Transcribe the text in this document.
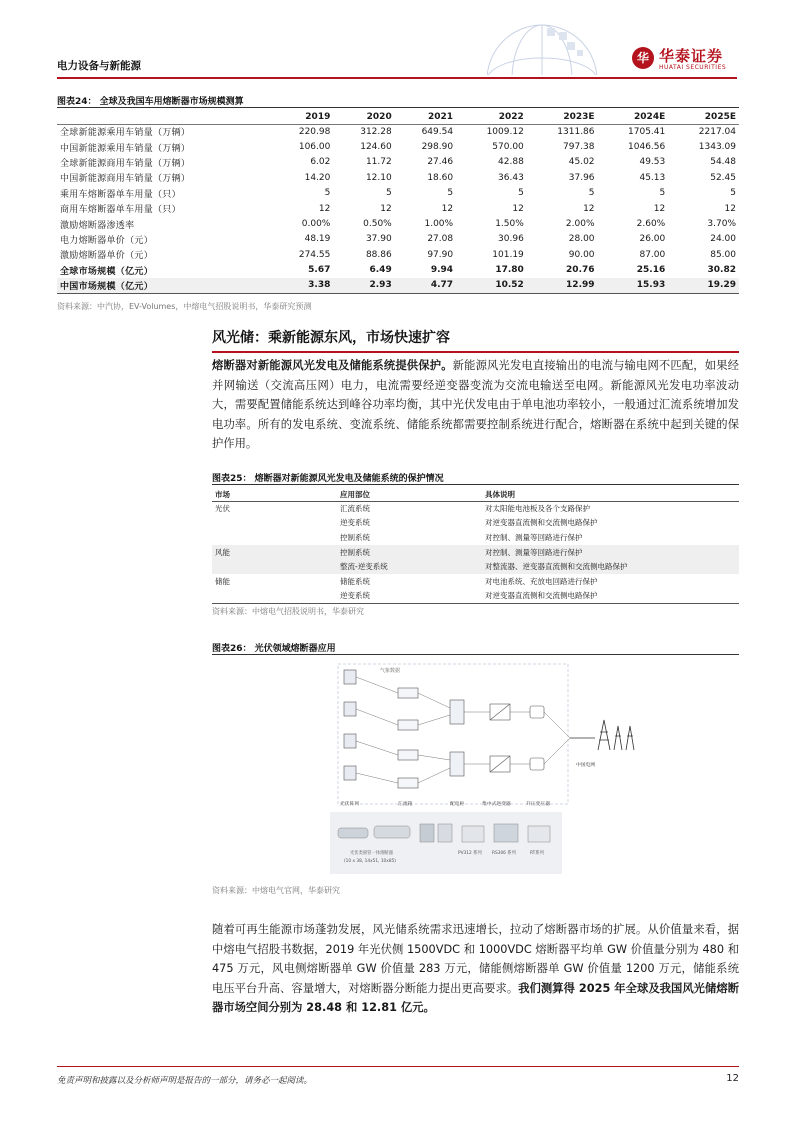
电力设备与新能源
华 华泰证券
HUATAI SECURITIES
图表24： 全球及我国车用熔断器市场规模测算
	2019	2020	2021	2022	2023E	2024E	2025E
全球新能源乘用车销量（万辆）	220.98	312.28	649.54	1009.12	1311.86	1705.41	2217.04
中国新能源乘用车销量（万辆）	106.00	124.60	298.90	570.00	797.38	1046.56	1343.09
全球新能源商用车销量（万辆）	6.02	11.72	27.46	42.88	45.02	49.53	54.48
中国新能源商用车销量（万辆）	14.20	12.10	18.60	36.43	37.96	45.13	52.45
乘用车熔断器单车用量（只）	5	5	5	5	5	5	5
商用车熔断器单车用量（只）	12	12	12	12	12	12	12
激励熔断器渗透率	0.00%	0.50%	1.00%	1.50%	2.00%	2.60%	3.70%
电力熔断器单价（元）	48.19	37.90	27.08	30.96	28.00	26.00	24.00
激励熔断器单价（元）	274.55	88.86	97.90	101.19	90.00	87.00	85.00
全球市场规模（亿元）	5.67	6.49	9.94	17.80	20.76	25.16	30.82
中国市场规模（亿元）	3.38	2.93	4.77	10.52	12.99	15.93	19.29
资料来源：中汽协，EV-Volumes，中熔电气招股说明书，华泰研究预测
风光储：乘新能源东风，市场快速扩容
熔断器对新能源风光发电及储能系统提供保护。新能源风光发电直接输出的电流与输电网不匹配，如果经并网输送（交流高压网）电力，电流需要经逆变器变流为交流电输送至电网。新能源风光发电功率波动大，需要配置储能系统达到峰谷功率均衡，其中光伏发电由于单电池功率较小，一般通过汇流系统增加发电功率。所有的发电系统、变流系统、储能系统都需要控制系统进行配合，熔断器在系统中起到关键的保护作用。
图表25： 熔断器对新能源风光发电及储能系统的保护情况
市场	应用部位	具体说明
光伏	汇流系统	对太阳能电池板及各个支路保护
	逆变系统	对逆变器直流侧和交流侧电路保护
	控制系统	对控制、测量等回路进行保护
风能	控制系统	对控制、测量等回路进行保护
	整流-逆变系统	对整流器、逆变器直流侧和交流侧电路保护
储能	储能系统	对电池系统、充放电回路进行保护
	逆变系统	对逆变器直流侧和交流侧电路保护
资料来源：中熔电气招股说明书，华泰研究
图表26： 光伏领域熔断器应用
气象数据
光伏阵列	汇流箱	配电柜	集中式逆变器	升压变压器
中国电网
光伏类圆管一体熔断器
(10 x 38, 14x51, 10x85)
PV312 系列 RS306 系列	RT系列
资料来源：中熔电气官网，华泰研究
随着可再生能源市场蓬勃发展，风光储系统需求迅速增长，拉动了熔断器市场的扩展。从价值量来看，据中熔电气招股书数据，2019 年光伏侧 1500VDC 和 1000VDC 熔断器平均单 GW 价值量分别为 480 和 475 万元，风电侧熔断器单 GW 价值量 283 万元，储能侧熔断器单 GW 价值量 1200 万元，储能系统电压平台升高、容量增大，对熔断器分断能力提出更高要求。我们测算得 2025 年全球及我国风光储熔断器市场空间分别为 28.48 和 12.81 亿元。
免责声明和披露以及分析师声明是报告的一部分，请务必一起阅读。	12
